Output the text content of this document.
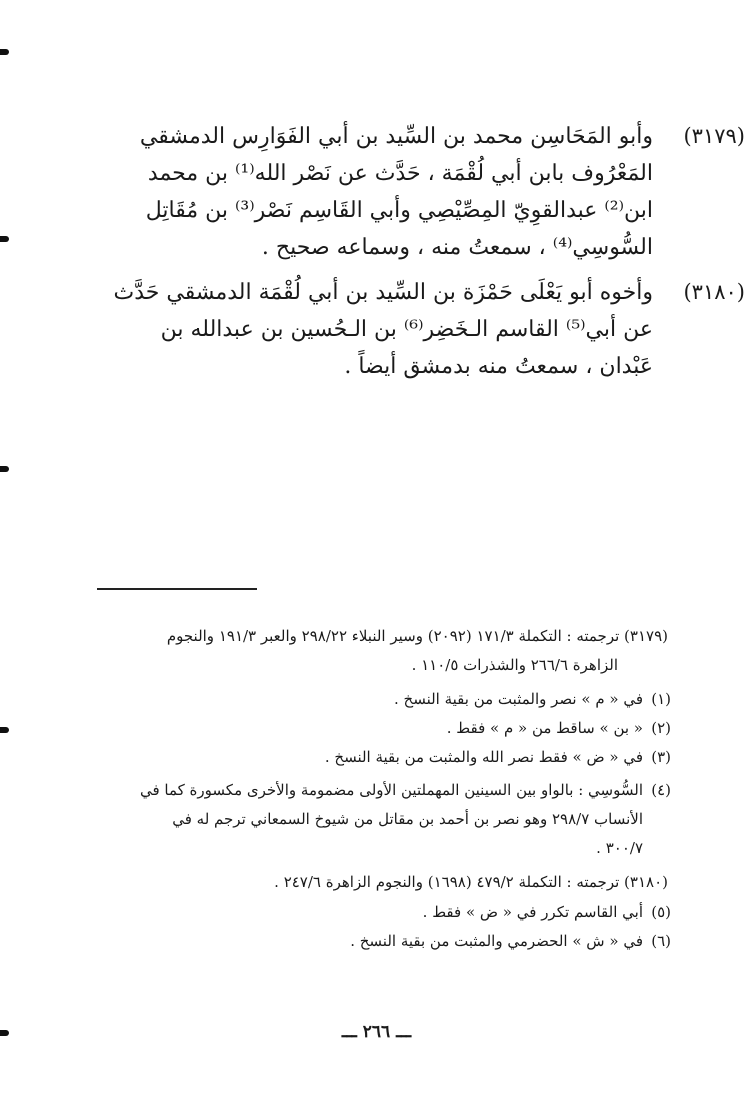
(٣١٧٩)
وأبو المَحَاسِن محمد بن السِّيد بن أبي الفَوَارِس الدمشقي
المَعْرُوف بابن أبي لُقْمَة ، حَدَّث عن نَصْر الله⁽¹⁾ بن محمد
ابن⁽²⁾ عبدالقوِيّ المِصِّيْصِي وأبي القَاسِم نَصْر⁽³⁾ بن مُقَاتِل
السُّوسِي⁽⁴⁾ ، سمعتُ منه ، وسماعه صحيح .
(٣١٨٠)
وأخوه أبو يَعْلَى حَمْزَة بن السِّيد بن أبي لُقْمَة الدمشقي حَدَّث
عن أبي⁽⁵⁾ القاسم الـخَضِر⁽⁶⁾ بن الـحُسين بن عبدالله بن
عَبْدان ، سمعتُ منه بدمشق أيضاً .
(٣١٧٩) ترجمته : التكملة ١٧١/٣ (٢٠٩٢) وسير النبلاء ٢٩٨/٢٢ والعبر ١٩١/٣ والنجوم
الزاهرة ٢٦٦/٦ والشذرات ١١٠/٥ .
(١)
في « م » نصر والمثبت من بقية النسخ .
(٢)
« بن » ساقط من « م » فقط .
(٣)
في « ض » فقط نصر الله والمثبت من بقية النسخ .
(٤)
السُّوسِي : بالواو بين السينين المهملتين الأولى مضمومة والأخرى مكسورة كما في
الأنساب ٢٩٨/٧ وهو نصر بن أحمد بن مقاتل من شيوخ السمعاني ترجم له في
٣٠٠/٧ .
(٣١٨٠) ترجمته : التكملة ٤٧٩/٢ (١٦٩٨) والنجوم الزاهرة ٢٤٧/٦ .
(٥)
أبي القاسم تكرر في « ض » فقط .
(٦)
في « ش » الحضرمي والمثبت من بقية النسخ .
ـــ ٢٦٦ ـــ
